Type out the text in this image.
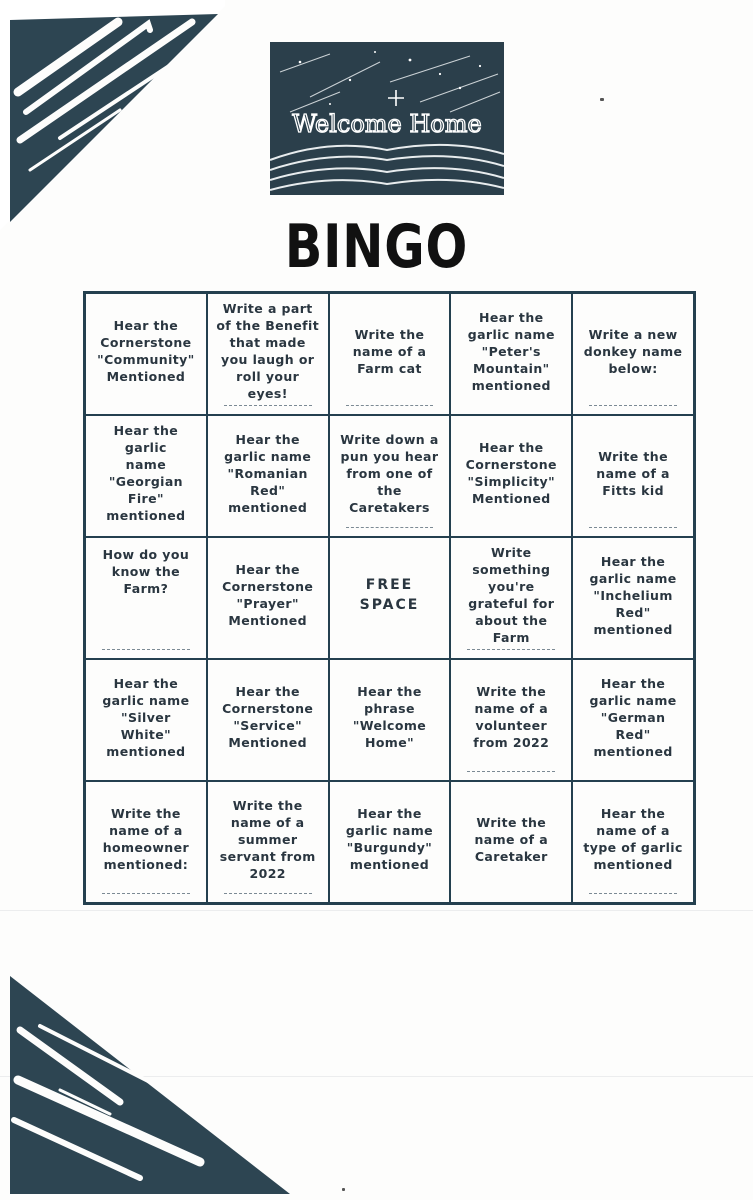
Welcome Home
BINGO
Hear the
Cornerstone
"Community"
Mentioned
Write a part
of the Benefit
that made
you laugh or
roll your
eyes!
Write the
name of a
Farm cat
Hear the
garlic name
"Peter's
Mountain"
mentioned
Write a new
donkey name
below:
Hear the garlic
name
"Georgian Fire"
mentioned
Hear the
garlic name
"Romanian
Red"
mentioned
Write down a
pun you hear
from one of
the
Caretakers
Hear the
Cornerstone
"Simplicity"
Mentioned
Write the
name of a
Fitts kid
How do you
know the Farm?
Hear the
Cornerstone
"Prayer"
Mentioned
FREE
SPACE
Write
something
you're
grateful for
about the
Farm
Hear the
garlic name
"Inchelium
Red"
mentioned
Hear the
garlic name
"Silver
White"
mentioned
Hear the
Cornerstone
"Service"
Mentioned
Hear the
phrase
"Welcome
Home"
Write the
name of a
volunteer
from 2022
Hear the
garlic name
"German
Red"
mentioned
Write the
name of a
homeowner
mentioned:
Write the
name of a
summer
servant from
2022
Hear the
garlic name
"Burgundy"
mentioned
Write the
name of a
Caretaker
Hear the
name of a
type of garlic
mentioned
